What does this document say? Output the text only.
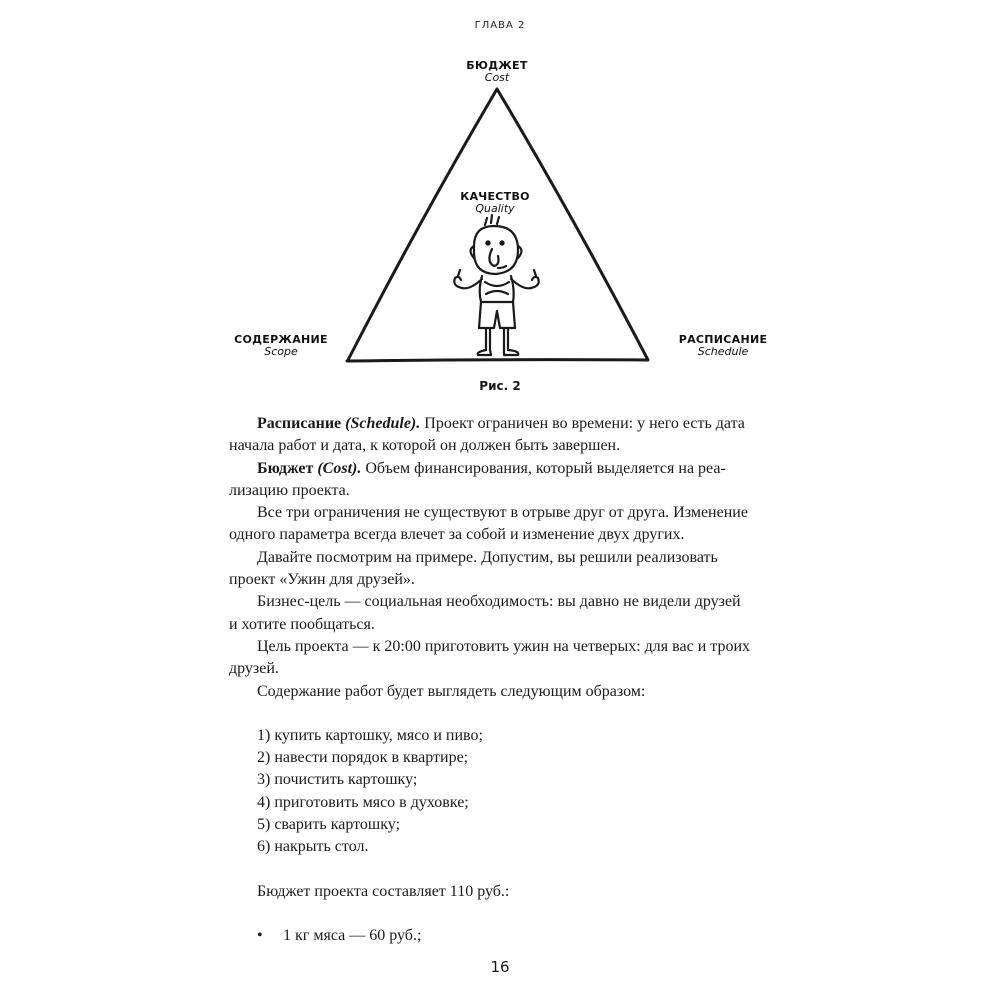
ГЛАВА 2
БЮДЖЕТ
Cost
КАЧЕСТВО
Quality
СОДЕРЖАНИЕ
Scope
РАСПИСАНИЕ
Schedule
Рис. 2

Расписание (Schedule). Проект ограничен во времени: у него есть дата
начала работ и дата, к которой он должен быть завершен.

Бюджет (Cost). Объем финансирования, который выделяется на реа-
лизацию проекта.

Все три ограничения не существуют в отрыве друг от друга. Изменение
одного параметра всегда влечет за собой и изменение двух других.

Давайте посмотрим на примере. Допустим, вы решили реализовать
проект «Ужин для друзей».

Бизнес-цель — социальная необходимость: вы давно не видели друзей
и хотите пообщаться.

Цель проекта — к 20:00 приготовить ужин на четверых: для вас и троих
друзей.

Содержание работ будет выглядеть следующим образом:

1) купить картошку, мясо и пиво;
2) навести порядок в квартире;
3) почистить картошку;
4) приготовить мясо в духовке;
5) сварить картошку;
6) накрыть стол.

Бюджет проекта составляет 110 руб.:

• 1 кг мяса — 60 руб.;
16
